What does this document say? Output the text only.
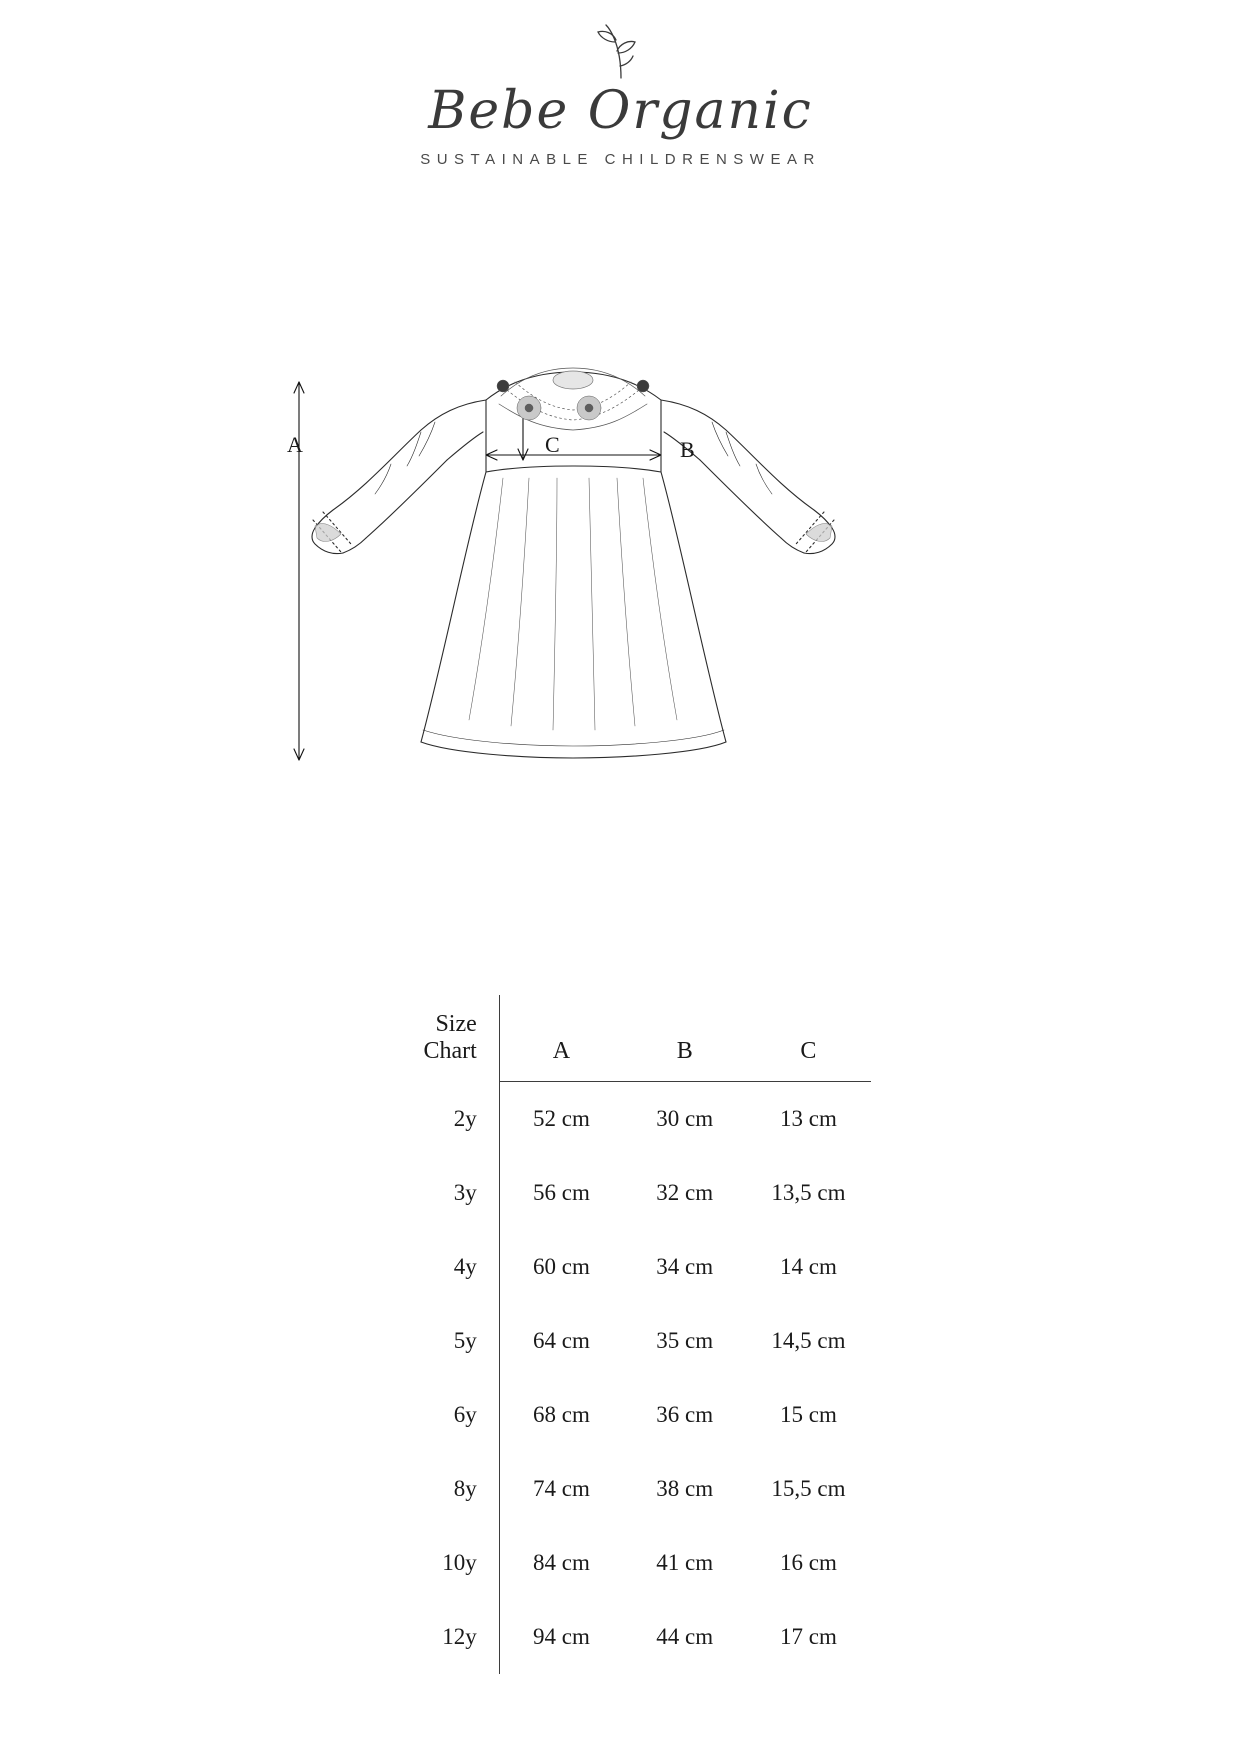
Bebe Organic
SUSTAINABLE CHILDRENSWEAR
A	B
C
Size
Chart	A	B	C
2y	52 cm	30 cm	13 cm
3y	56 cm	32 cm	13,5 cm
4y	60 cm	34 cm	14 cm
5y	64 cm	35 cm	14,5 cm
6y	68 cm	36 cm	15 cm
8y	74 cm	38 cm	15,5 cm
10y	84 cm	41 cm	16 cm
12y	94 cm	44 cm	17 cm
